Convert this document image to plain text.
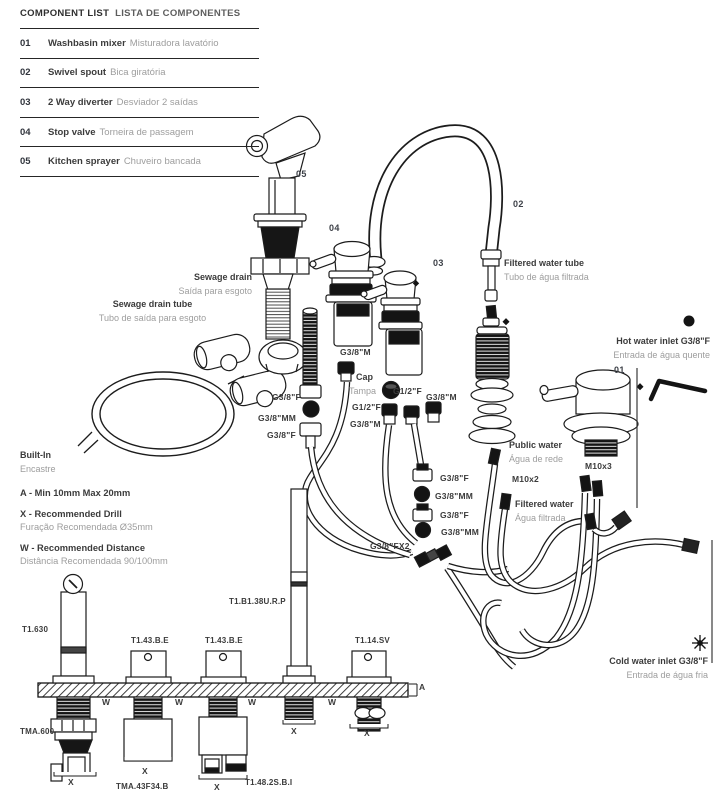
COMPONENT LIST LISTA DE COMPONENTES
01	Washbasin mixer Misturadora lavatório
02	Swivel spout Bica giratória
03	2 Way diverter Desviador 2 saídas
04	Stop valve Torneira de passagem
05	Kitchen sprayer Chuveiro bancada
Sewage drain
Saída para esgoto
Sewage drain tube
Tubo de saída para esgoto
Filtered water tube
Tubo de água filtrada
Hot water inlet G3/8"F
Entrada de água quente
Public water
Água de rede
Filtered water
Água filtrada
Cold water inlet G3/8"F
Entrada de água fria
Built-In
Encastre
A - Min 10mm Max 20mm
X - Recommended Drill
Furação Recomendada Ø35mm
W - Recommended Distance
Distância Recomendada 90/100mm
05
04
02
03
01
G3/8"M
Cap
Tampa G1/2"F
G3/8"M
G1/2"F
G3/8"M
G3/8"F
G3/8"MM
G3/8"F
G3/8"F
G3/8"MM
G3/8"F
G3/8"MM
G3/8"FX2
M10x2
M10x3
T1.630
T1.43.B.E	T1.43.B.E
T1.B1.38U.R.P
T1.14.SV
TMA.600
TMA.43F34.B	T1.48.2S.B.I
W	W	W	W
X
X
X
X	X
A
